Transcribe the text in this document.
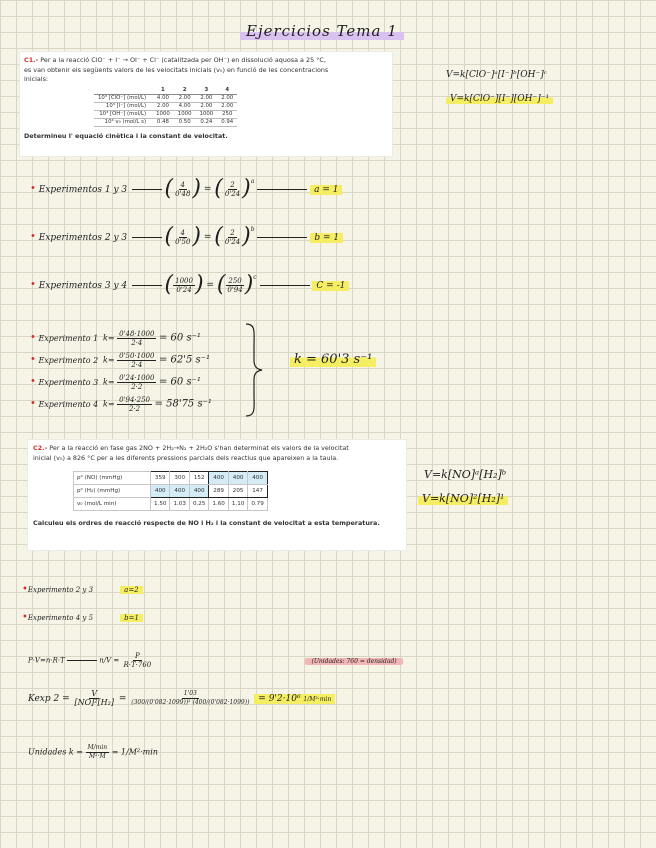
Ejercicios Tema 1

C1.- Per a la reacció ClO⁻ + I⁻ → OI⁻ + Cl⁻ (catalitzada per OH⁻) en dissolució aquosa a 25 °C,

es van obtenir els següents valors de les velocitats inicials (v₀) en funció de les concentracions

inicials:

	1	2	3	4
10³ [ClO⁻] (mol/L)	4.00	2.00	2.00	2.00
10³ [I⁻] (mol/L)	2.00	4.00	2.00	2.00
10³ [OH⁻] (mol/L)	1000	1000	1000	250
10⁴ v₀ (mol/L s)	0.48	0.50	0.24	0.94

Determineu l' equació cinètica i la constant de velocitat.

V=k[ClO⁻]ᵃ[I⁻]ᵇ[OH⁻]ᶜ
V=k[ClO⁻][I⁻][OH⁻]⁻¹
• Experimentos 1 y 3 ( $\frac{4}{0'48}$ ) = ( $\frac{2}{0'24} )^a$  a = 1
• Experimentos 2 y 3 ( $\frac{4}{0'50}$ ) = ( $\frac{2}{0'24} )^b$  b = 1
• Experimentos 3 y 4 ( $\frac{1000}{0'24}$ ) = ( $\frac{250}{0'94} )^c$  C = -1
• Experimento 1 $k= \frac{0'48\cdot 1000}{2\cdot 4} = 60$ s⁻¹
• Experimento 2 $k= \frac{0'50\cdot 1000}{2\cdot 4} = 62'5$ s⁻¹
• Experimento 3 $k= \frac{0'24\cdot 1000}{2\cdot 2} = 60$ s⁻¹
• Experimento 4 $k= \frac{0'94\cdot 250}{2\cdot 2} = 58'75$ s⁻¹
k = 60'3 s⁻¹

C2.- Per a la reacció en fase gas 2NO + 2H₂→N₂ + 2H₂O s'han determinat els valors de la velocitat

inicial (v₀) a 826 °C per a les diferents pressions parcials dels reactius que apareixen a la taula.

p⁰ (NO) (mmHg)	359	300	152	400	400	400
p⁰ (H₂) (mmHg)	400	400	400	289	205	147
v₀ (mol/L min)	1.50	1.03	0.25	1.60	1.10	0.79

Calculeu els ordres de reacció respecte de NO i H₂ i la constant de velocitat a esta temperatura.

V=k[NO]ᵃ[H₂]ᵇ
V=k[NO]²[H₂]¹
•Experimento 2 y 3	a=2
•Experimento 4 y 5	b=1
P·V=n·R·T	$n/V = \frac{P}{R\cdot T\cdot 760}$	(Unidades: 760 = densidad)
Kexp $2 = \frac{V}{\text{[NO]²[H₂]}} = \frac{1'03}{\text{(300/(0'082·1099))² (400/(0'082·1099))}} = 9'2\cdot 10^6$ 1/M²·min
Unidades $k = \frac{M/\min}{\text{M²·M}} = 1/M^2\cdot\min$
